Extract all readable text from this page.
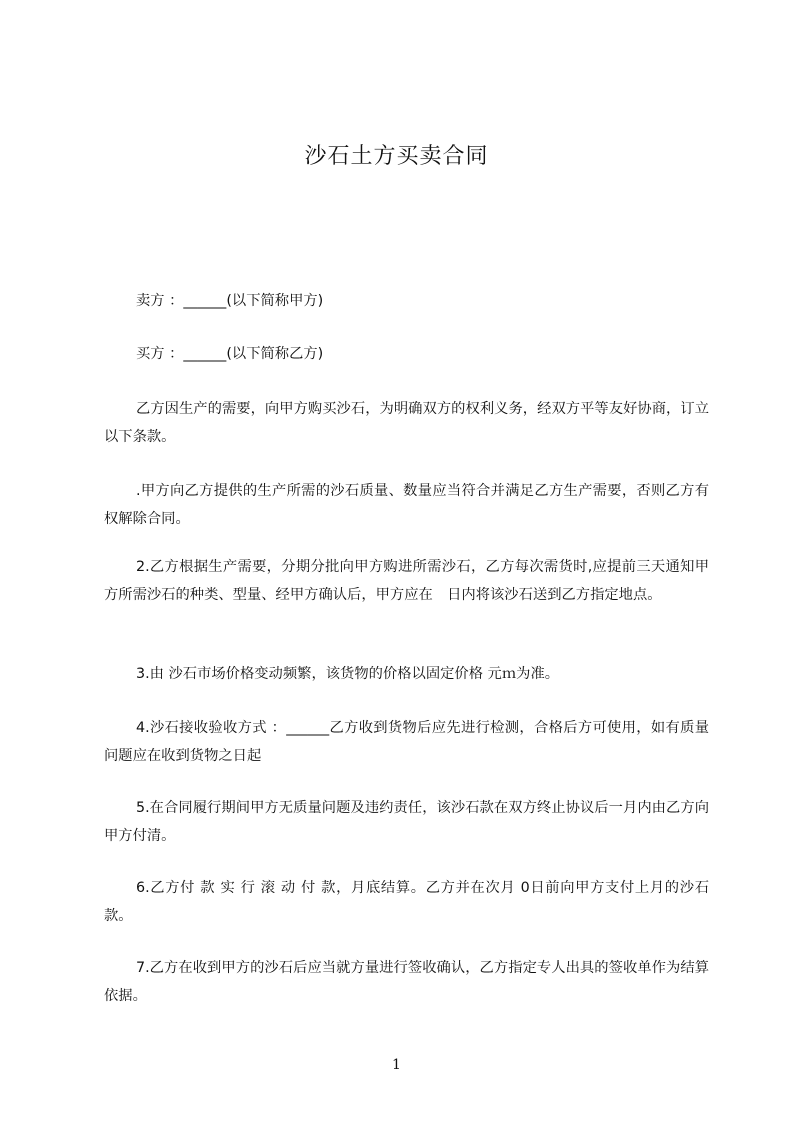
沙石土方买卖合同

卖方 ：______(以下简称甲方)

买方 ：______(以下简称乙方)

乙方因生产的需要，向甲方购买沙石，为明确双方的权利义务，经双方平等友好协商，订立以下条款。

.甲方向乙方提供的生产所需的沙石质量、数量应当符合并满足乙方生产需要，否则乙方有权解除合同。

2.乙方根据生产需要，分期分批向甲方购进所需沙石，乙方每次需货时,应提前三天通知甲方所需沙石的种类、型量、经甲方确认后，甲方应在　日内将该沙石送到乙方指定地点。

3.由 沙石市场价格变动频繁，该货物的价格以固定价格 元ｍ为准。

4.沙石接收验收方式 ：______乙方收到货物后应先进行检测，合格后方可使用，如有质量问题应在收到货物之日起

5.在合同履行期间甲方无质量问题及违约责任，该沙石款在双方终止协议后一月内由乙方向甲方付清。

6.乙方付 款 实 行 滚 动 付 款，月底结算。乙方并在次月 0日前向甲方支付上月的沙石款。

7.乙方在收到甲方的沙石后应当就方量进行签收确认，乙方指定专人出具的签收单作为结算依据。

1
